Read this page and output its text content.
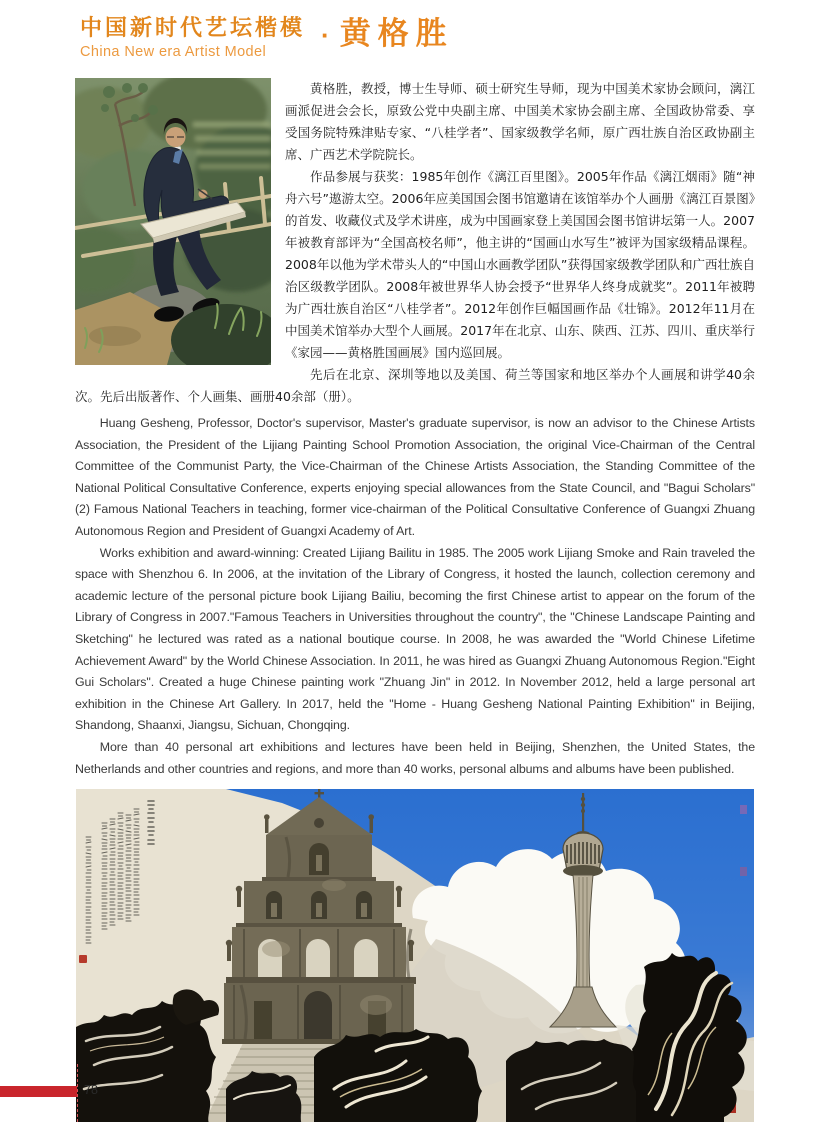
中国新时代艺坛楷模
China New era Artist Model
· 黄格胜

黄格胜，教授，博士生导师、硕士研究生导师，现为中国美术家协会顾问，漓江画派促进会会长，原致公党中央副主席、中国美术家协会副主席、全国政协常委、享受国务院特殊津贴专家、“八桂学者”、国家级教学名师，原广西壮族自治区政协副主席、广西艺术学院院长。

作品参展与获奖：1985年创作《漓江百里图》。2005年作品《漓江烟雨》随“神舟六号”遨游太空。2006年应美国国会图书馆邀请在该馆举办个人画册《漓江百景图》的首发、收藏仪式及学术讲座，成为中国画家登上美国国会图书馆讲坛第一人。2007年被教育部评为“全国高校名师”，他主讲的“国画山水写生”被评为国家级精品课程。2008年以他为学术带头人的“中国山水画教学团队”获得国家级教学团队和广西壮族自治区级教学团队。2008年被世界华人协会授予“世界华人终身成就奖”。2011年被聘为广西壮族自治区“八桂学者”。2012年创作巨幅国画作品《壮锦》。2012年11月在中国美术馆举办大型个人画展。2017年在北京、山东、陕西、江苏、四川、重庆举行《家园——黄格胜国画展》国内巡回展。

先后在北京、深圳等地以及美国、荷兰等国家和地区举办个人画展和讲学40余次。先后出版著作、个人画集、画册40余部（册）。

Huang Gesheng, Professor, Doctor's supervisor, Master's graduate supervisor, is now an advisor to the Chinese Artists Association, the President of the Lijiang Painting School Promotion Association, the original Vice-Chairman of the Central Committee of the Communist Party, the Vice-Chairman of the Chinese Artists Association, the Standing Committee of the National Political Consultative Conference, experts enjoying special allowances from the State Council, and "Bagui Scholars"(2) Famous National Teachers in teaching, former vice-chairman of the Political Consultative Conference of Guangxi Zhuang Autonomous Region and President of Guangxi Academy of Art.

Works exhibition and award-winning: Created Lijiang Bailitu in 1985. The 2005 work Lijiang Smoke and Rain traveled the space with Shenzhou 6. In 2006, at the invitation of the Library of Congress, it hosted the launch, collection ceremony and academic lecture of the personal picture book Lijiang Bailiu, becoming the first Chinese artist to appear on the forum of the Library of Congress in 2007."Famous Teachers in Universities throughout the country", the "Chinese Landscape Painting and Sketching" he lectured was rated as a national boutique course. In 2008, he was awarded the "World Chinese Lifetime Achievement Award" by the World Chinese Association. In 2011, he was hired as Guangxi Zhuang Autonomous Region."Eight Gui Scholars". Created a huge Chinese painting work "Zhuang Jin" in 2012. In November 2012, held a large personal art exhibition in the Chinese Art Gallery. In 2017, held the "Home - Huang Gesheng National Painting Exhibition" in Beijing, Shandong, Shaanxi, Jiangsu, Sichuan, Chongqing.

More than 40 personal art exhibitions and lectures have been held in Beijing, Shenzhen, the United States, the Netherlands and other countries and regions, and more than 40 works, personal albums and albums have been published.

78
